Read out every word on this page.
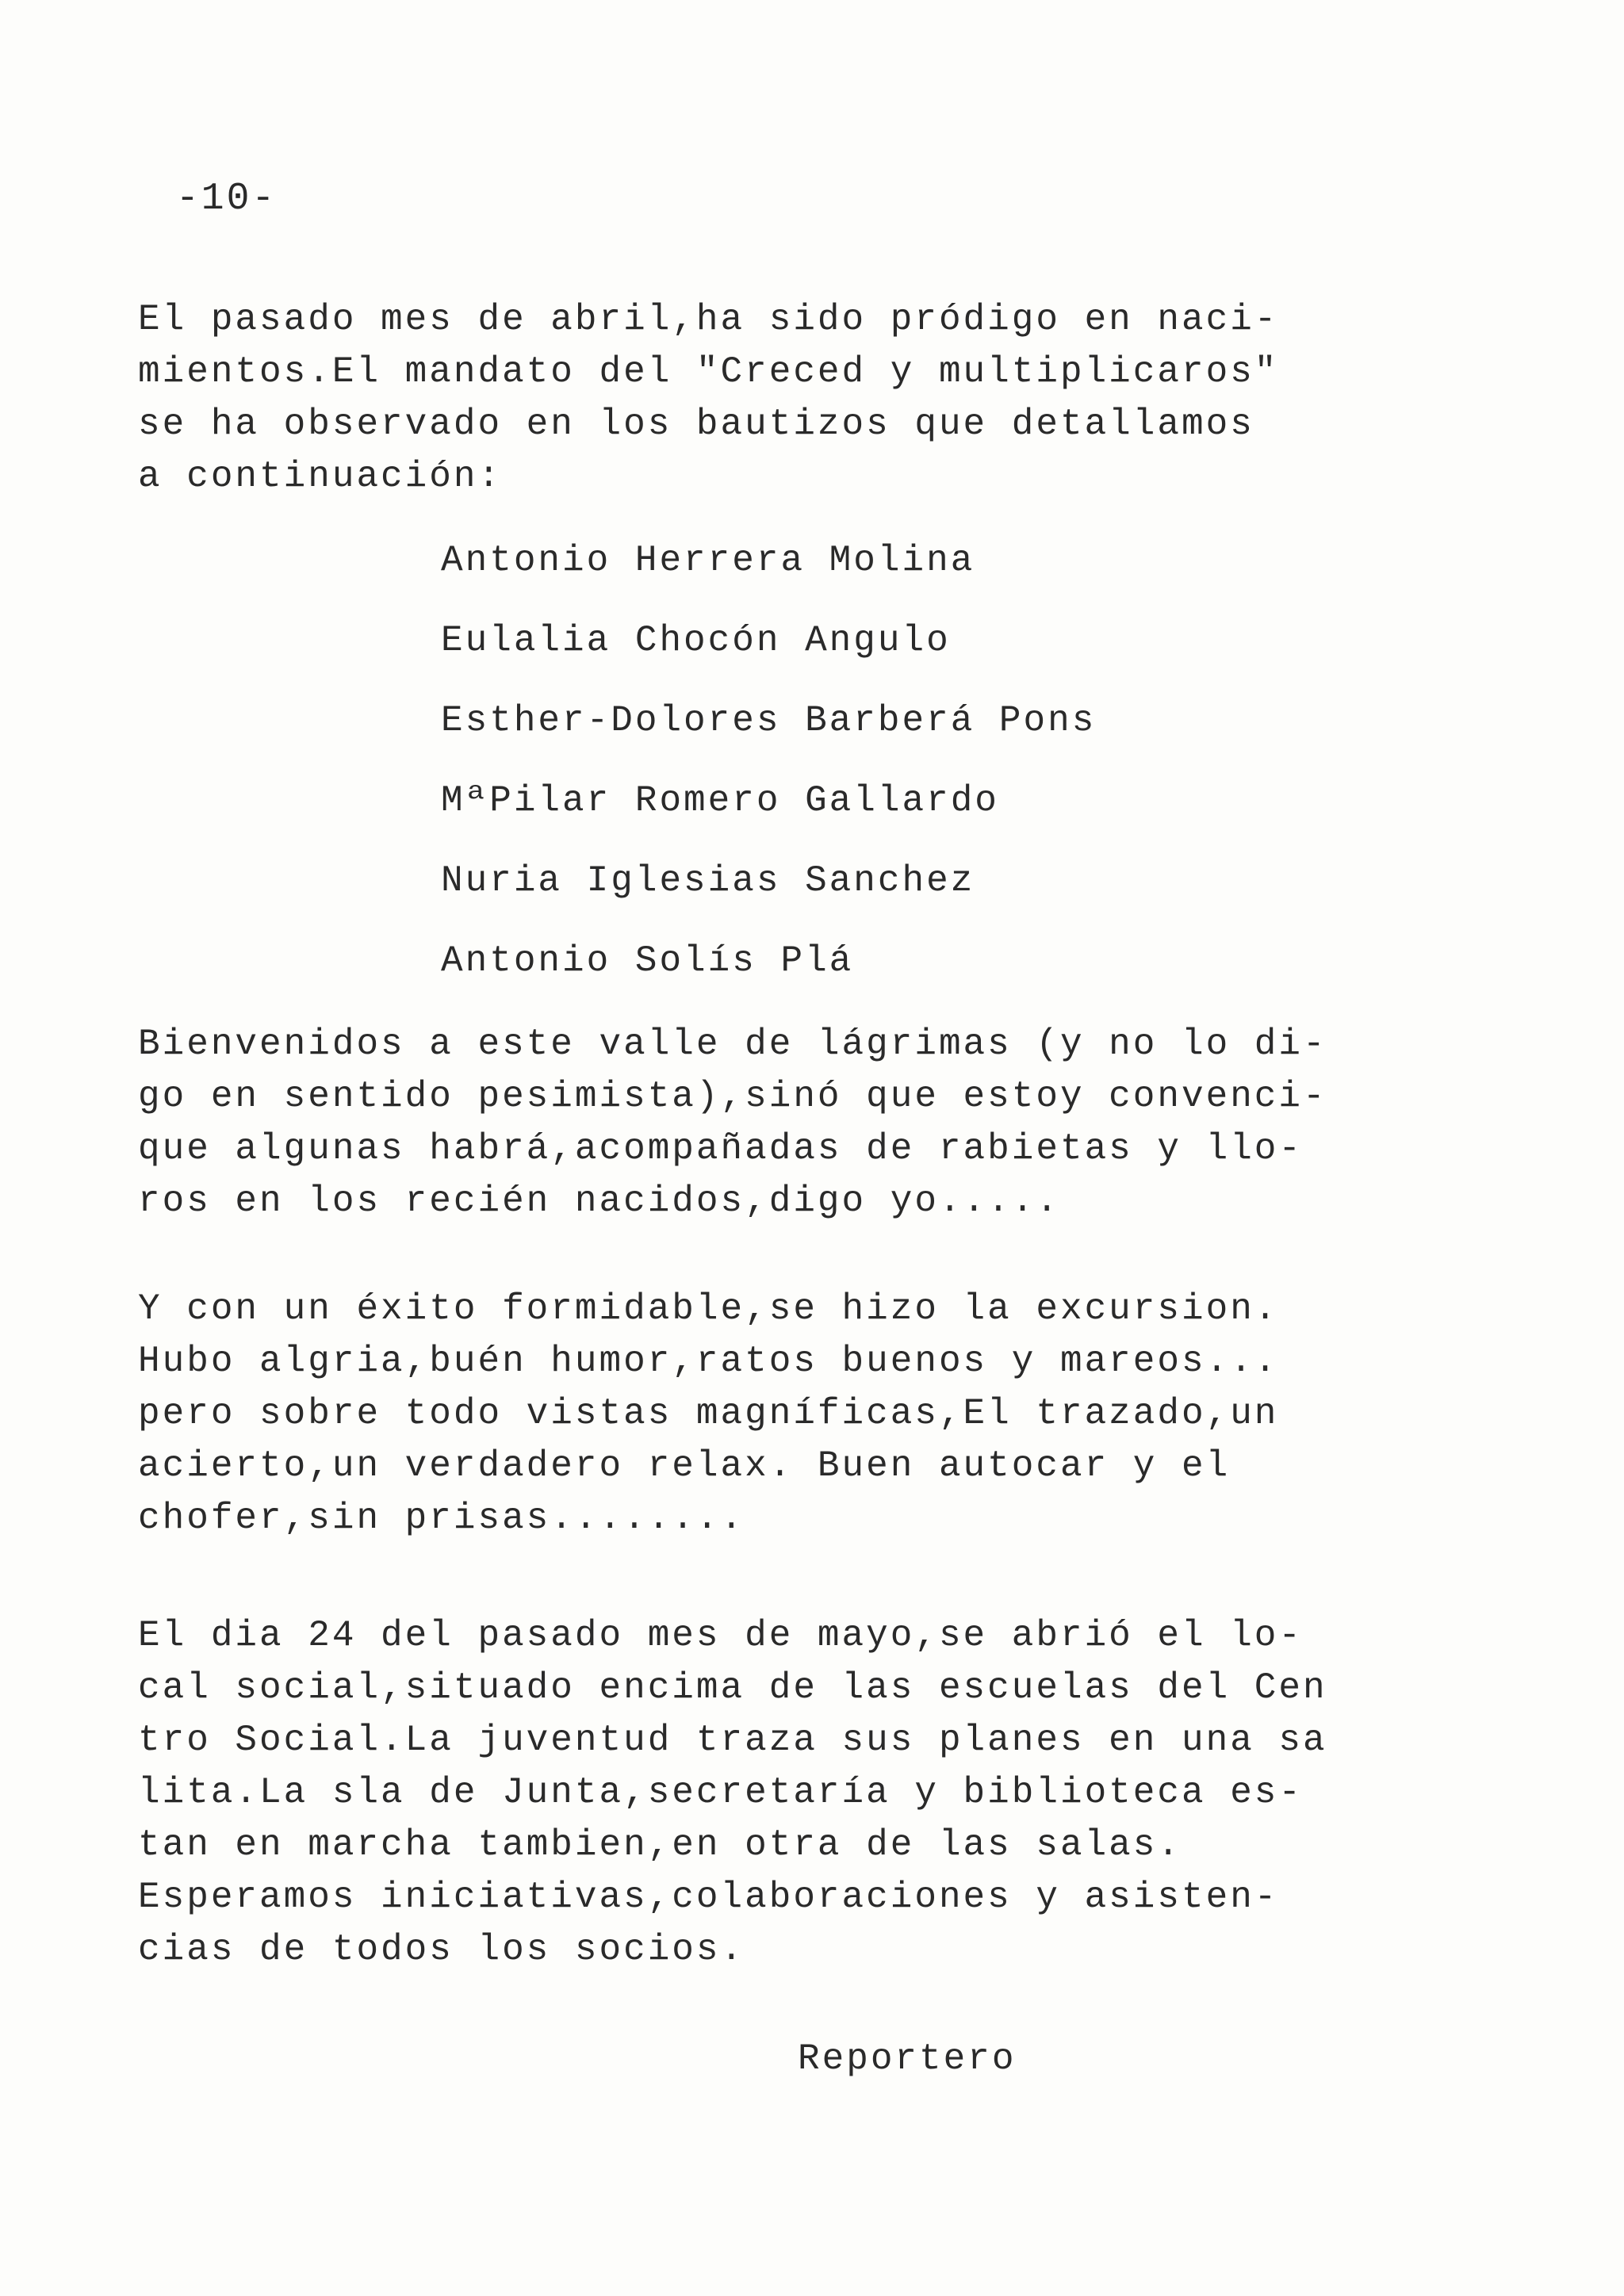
-10-
El pasado mes de abril,ha sido pródigo en naci-
mientos.El mandato del "Creced y multiplicaros"
se ha observado en los bautizos que detallamos
a continuación:
Antonio Herrera Molina
Eulalia Chocón Angulo
Esther-Dolores Barberá Pons
MªPilar Romero Gallardo
Nuria Iglesias Sanchez
Antonio Solís Plá
Bienvenidos a este valle de lágrimas (y no lo di-
go en sentido pesimista),sinó que estoy convenci-
que algunas habrá,acompañadas de rabietas y llo-
ros en los recién nacidos,digo yo.....
Y con un éxito formidable,se hizo la excursion.
Hubo algria,buén humor,ratos buenos y mareos...
pero sobre todo vistas magníficas,El trazado,un
acierto,un verdadero relax. Buen autocar y el
chofer,sin prisas........
El dia 24 del pasado mes de mayo,se abrió el lo-
cal social,situado encima de las escuelas del Cen
tro Social.La juventud traza sus planes en una sa
lita.La sla de Junta,secretaría y biblioteca es-
tan en marcha tambien,en otra de las salas.
Esperamos iniciativas,colaboraciones y asisten-
cias de todos los socios.

Reportero
